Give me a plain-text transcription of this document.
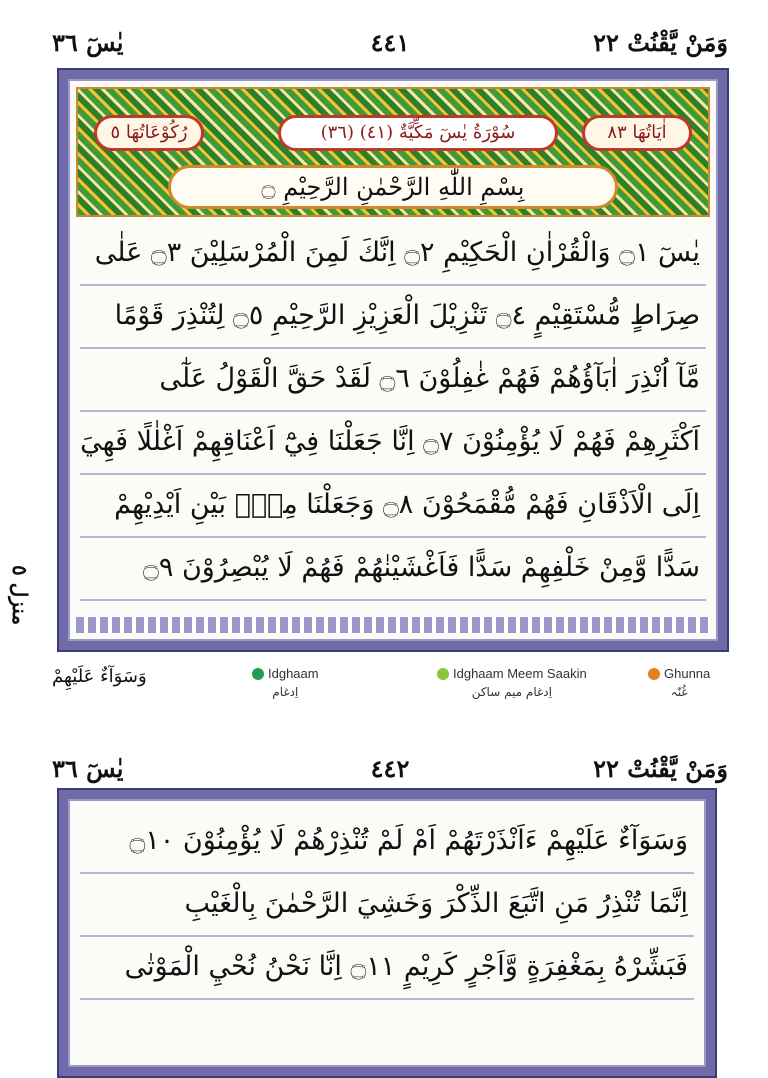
يٰسٓ ٣٦	٤٤١	وَمَنْ يَّقْنُتْ ٢٢
رُكُوْعَاتُهَا ٥	(٣٦) سُوْرَةُ يٰسٓ مَكِّيَّةٌ (٤١)	اٰيَاتُهَا ٨٣
بِسْمِ اللّٰهِ الرَّحْمٰنِ الرَّحِيْمِ ۝
يٰسٓ ۝١ وَالْقُرْاٰنِ الْحَكِيْمِ ۝٢ اِنَّكَ لَمِنَ الْمُرْسَلِيْنَ ۝٣ عَلٰى
صِرَاطٍ مُّسْتَقِيْمٍ ۝٤ تَنْزِيْلَ الْعَزِيْزِ الرَّحِيْمِ ۝٥ لِتُنْذِرَ قَوْمًا
مَّآ اُنْذِرَ اٰبَآؤُهُمْ فَهُمْ غٰفِلُوْنَ ۝٦ لَقَدْ حَقَّ الْقَوْلُ عَلٰٓى
اَكْثَرِهِمْ فَهُمْ لَا يُؤْمِنُوْنَ ۝٧ اِنَّا جَعَلْنَا فِيْٓ اَعْنَاقِهِمْ اَغْلٰلًا فَهِيَ
اِلَى الْاَذْقَانِ فَهُمْ مُّقْمَحُوْنَ ۝٨ وَجَعَلْنَا مِنْۢ بَيْنِ اَيْدِيْهِمْ
سَدًّا وَّمِنْ خَلْفِهِمْ سَدًّا فَاَغْشَيْنٰهُمْ فَهُمْ لَا يُبْصِرُوْنَ ۝٩
منزل ٥
وَسَوَآءٌ عَلَيْهِمْ	Idghaam
اِدغام
Idghaam Meem Saakin
اِدغام میم ساکن
Ghunna
غُنّہ
يٰسٓ ٣٦	٤٤٢	وَمَنْ يَّقْنُتْ ٢٢
وَسَوَآءٌ عَلَيْهِمْ ءَاَنْذَرْتَهُمْ اَمْ لَمْ تُنْذِرْهُمْ لَا يُؤْمِنُوْنَ ۝١٠
اِنَّمَا تُنْذِرُ مَنِ اتَّبَعَ الذِّكْرَ وَخَشِيَ الرَّحْمٰنَ بِالْغَيْبِ
فَبَشِّرْهُ بِمَغْفِرَةٍ وَّاَجْرٍ كَرِيْمٍ ۝١١ اِنَّا نَحْنُ نُحْيِ الْمَوْتٰى
